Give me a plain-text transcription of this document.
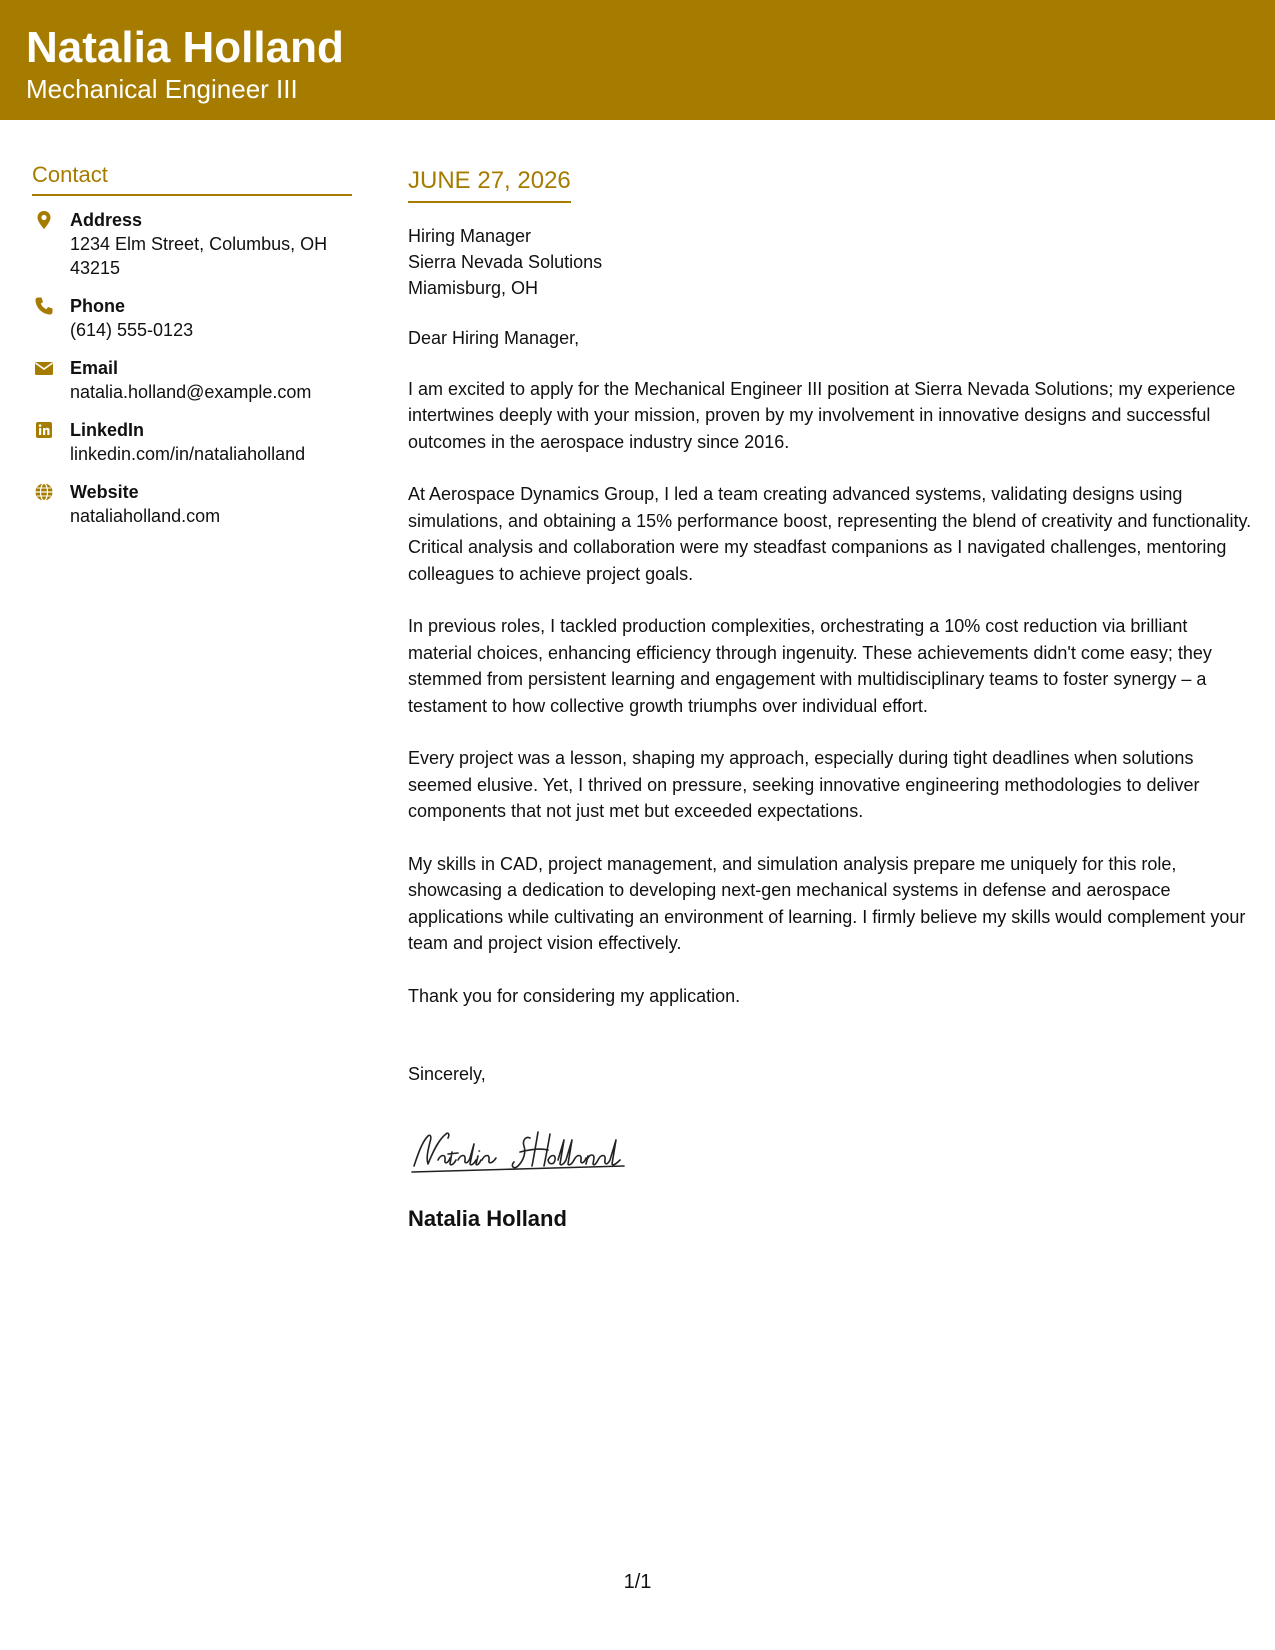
Natalia Holland
Mechanical Engineer III
Contact
Address
1234 Elm Street, Columbus, OH 43215
Phone
(614) 555-0123
Email
natalia.holland@example.com
LinkedIn
linkedin.com/in/nataliaholland
Website
nataliaholland.com
JUNE 27, 2026
Hiring Manager
Sierra Nevada Solutions
Miamisburg, OH
Dear Hiring Manager,

I am excited to apply for the Mechanical Engineer III position at Sierra Nevada Solutions; my experience intertwines deeply with your mission, proven by my involvement in innovative designs and successful outcomes in the aerospace industry since 2016.

At Aerospace Dynamics Group, I led a team creating advanced systems, validating designs using simulations, and obtaining a 15% performance boost, representing the blend of creativity and functionality. Critical analysis and collaboration were my steadfast companions as I navigated challenges, mentoring colleagues to achieve project goals.

In previous roles, I tackled production complexities, orchestrating a 10% cost reduction via brilliant material choices, enhancing efficiency through ingenuity. These achievements didn't come easy; they stemmed from persistent learning and engagement with multidisciplinary teams to foster synergy – a testament to how collective growth triumphs over individual effort.

Every project was a lesson, shaping my approach, especially during tight deadlines when solutions seemed elusive. Yet, I thrived on pressure, seeking innovative engineering methodologies to deliver components that not just met but exceeded expectations.

My skills in CAD, project management, and simulation analysis prepare me uniquely for this role, showcasing a dedication to developing next-gen mechanical systems in defense and aerospace applications while cultivating an environment of learning. I firmly believe my skills would complement your team and project vision effectively.

Thank you for considering my application.

Sincerely,
Natalia Holland
1/1
